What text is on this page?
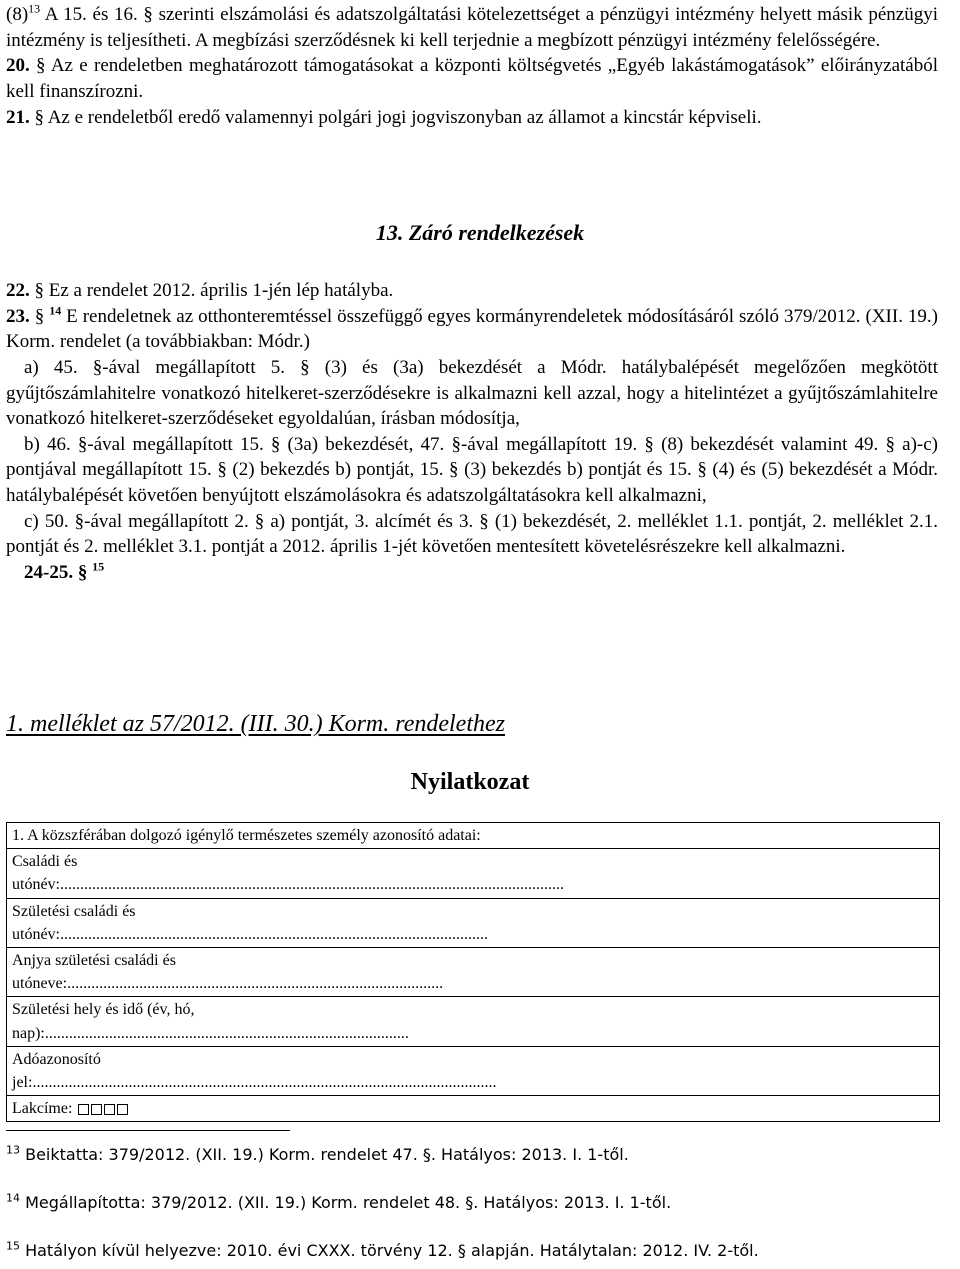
$(8)^{13}$ A 15. és 16. § szerinti elszámolási és adatszolgáltatási kötelezettséget a pénzügyi intézmény helyett másik pénzügyi intézmény is teljesítheti. A megbízási szerződésnek ki kell terjednie a megbízott pénzügyi intézmény felelősségére.

20. § Az e rendeletben meghatározott támogatásokat a központi költségvetés „Egyéb lakástámogatások” előirányzatából kell finanszírozni.

21. § Az e rendeletből eredő valamennyi polgári jogi jogviszonyban az államot a kincstár képviseli.

13. Záró rendelkezések

22. § Ez a rendelet 2012. április 1-jén lép hatályba.

23. § $^{14}$ E rendeletnek az otthonteremtéssel összefüggő egyes kormányrendeletek módosításáról szóló 379/2012. (XII. 19.) Korm. rendelet (a továbbiakban: Módr.)

a) 45. §-ával megállapított 5. § (3) és (3a) bekezdését a Módr. hatálybalépését megelőzően megkötött gyűjtőszámlahitelre vonatkozó hitelkeret-szerződésekre is alkalmazni kell azzal, hogy a hitelintézet a gyűjtőszámlahitelre vonatkozó hitelkeret-szerződéseket egyoldalúan, írásban módosítja,

b) 46. §-ával megállapított 15. § (3a) bekezdését, 47. §-ával megállapított 19. § (8) bekezdését valamint 49. § a)-c) pontjával megállapított 15. § (2) bekezdés b) pontját, 15. § (3) bekezdés b) pontját és 15. § (4) és (5) bekezdését a Módr. hatálybalépését követően benyújtott elszámolásokra és adatszolgáltatásokra kell alkalmazni,

c) 50. §-ával megállapított 2. § a) pontját, 3. alcímét és 3. § (1) bekezdését, 2. melléklet 1.1. pontját, 2. melléklet 2.1. pontját és 2. melléklet 3.1. pontját a 2012. április 1-jét követően mentesített követelésrészekre kell alkalmazni.

24-25. § $^{15}$

1. melléklet az 57/2012. (III. 30.) Korm. rendelethez
Nyilatkozat
1. A közszférában dolgozó igénylő természetes személy azonosító adatai:

Családi és
utónév:..............................................................................................................................

Születési családi és
utónév:...........................................................................................................

Anjya születési családi és
utóneve:..............................................................................................

Születési hely és idő (év, hó,
nap):...........................................................................................

Adóazonosító
jel:....................................................................................................................

Lakcíme:
$^{13}$ Beiktatta: 379/2012. (XII. 19.) Korm. rendelet 47. §. Hatályos: 2013. I. 1-től.
$^{14}$ Megállapította: 379/2012. (XII. 19.) Korm. rendelet 48. §. Hatályos: 2013. I. 1-től.
$^{15}$ Hatályon kívül helyezve: 2010. évi CXXX. törvény 12. § alapján. Hatálytalan: 2012. IV. 2-től.
